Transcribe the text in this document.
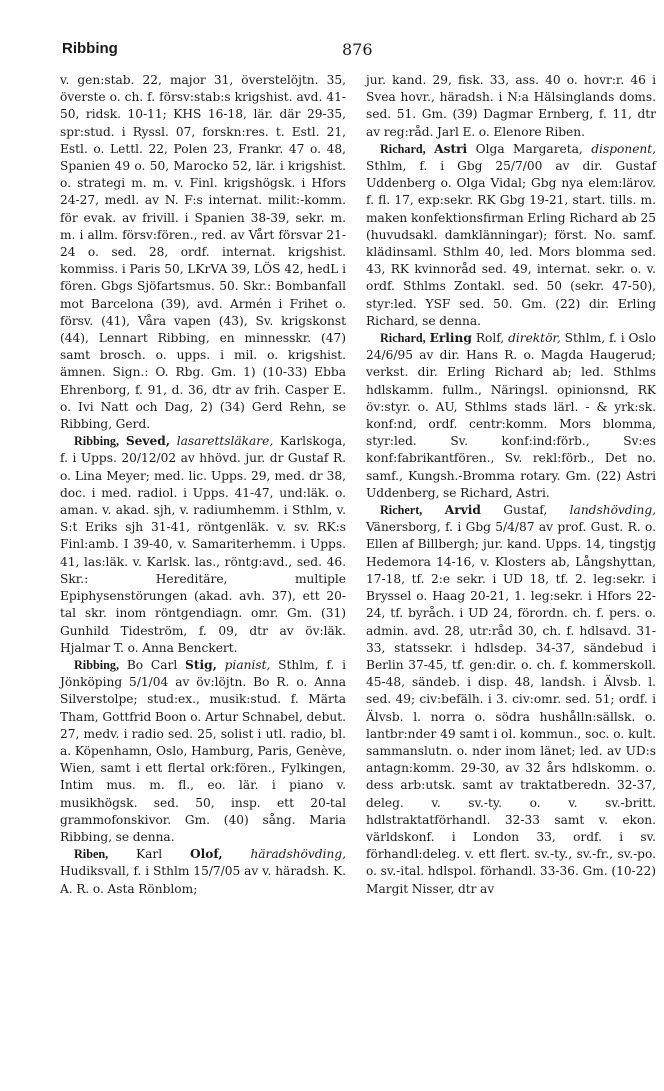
Ribbing	876

v. gen:stab. 22, major 31, överstelöjtn. 35, överste o. ch. f. försv:stab:s krigshist. avd. 41-50, ridsk. 10-11; KHS 16-18, lär. där 29-35, spr:stud. i Ryssl. 07, forskn:res. t. Estl. 21, Estl. o. Lettl. 22, Polen 23, Frankr. 47 o. 48, Spanien 49 o. 50, Marocko 52, lär. i krigshist. o. strategi m. m. v. Finl. krigshögsk. i Hfors 24-27, medl. av N. F:s internat. milit:-komm. för evak. av frivill. i Spanien 38-39, sekr. m. m. i allm. försv:fören., red. av Vårt försvar 21-24 o. sed. 28, ordf. internat. krigshist. kommiss. i Paris 50, LKrVA 39, LÖS 42, hedL i fören. Gbgs Sjöfartsmus. 50. Skr.: Bombanfall mot Barcelona (39), avd. Armén i Frihet o. försv. (41), Våra vapen (43), Sv. krigskonst (44), Lennart Ribbing, en minnesskr. (47) samt brosch. o. upps. i mil. o. krigshist. ämnen. Sign.: O. Rbg. Gm. 1) (10-33) Ebba Ehrenborg, f. 91, d. 36, dtr av frih. Casper E. o. Ivi Natt och Dag, 2) (34) Gerd Rehn, se Ribbing, Gerd.

Ribbing, Seved, lasarettsläkare, Karlskoga, f. i Upps. 20/12/02 av hhövd. jur. dr Gustaf R. o. Lina Meyer; med. lic. Upps. 29, med. dr 38, doc. i med. radiol. i Upps. 41-47, und:läk. o. aman. v. akad. sjh, v. radiumhemm. i Sthlm, v. S:t Eriks sjh 31-41, röntgenläk. v. sv. RK:s Finl:amb. I 39-40, v. Samariterhemm. i Upps. 41, las:läk. v. Karlsk. las., röntg:avd., sed. 46. Skr.: Hereditäre, multiple Epiphysenstörungen (akad. avh. 37), ett 20-tal skr. inom röntgendiagn. omr. Gm. (31) Gunhild Tideström, f. 09, dtr av öv:läk. Hjalmar T. o. Anna Benckert.

Ribbing, Bo Carl Stig, pianist, Sthlm, f. i Jönköping 5/1/04 av öv:löjtn. Bo R. o. Anna Silverstolpe; stud:ex., musik:stud. f. Märta Tham, Gottfrid Boon o. Artur Schnabel, debut. 27, medv. i radio sed. 25, solist i utl. radio, bl. a. Köpenhamn, Oslo, Hamburg, Paris, Genève, Wien, samt i ett flertal ork:fören., Fylkingen, Intim mus. m. fl., eo. lär. i piano v. musikhögsk. sed. 50, insp. ett 20-tal grammofonskivor. Gm. (40) sång. Maria Ribbing, se denna.

Riben, Karl Olof, häradshövding, Hudiksvall, f. i Sthlm 15/7/05 av v. häradsh. K. A. R. o. Asta Rönblom;

jur. kand. 29, fisk. 33, ass. 40 o. hovr:r. 46 i Svea hovr., häradsh. i N:a Hälsinglands doms. sed. 51. Gm. (39) Dagmar Ernberg, f. 11, dtr av reg:råd. Jarl E. o. Elenore Riben.

Richard, Astri Olga Margareta, disponent, Sthlm, f. i Gbg 25/7/00 av dir. Gustaf Uddenberg o. Olga Vidal; Gbg nya elem:lärov. f. fl. 17, exp:sekr. RK Gbg 19-21, start. tills. m. maken konfektionsfirman Erling Richard ab 25 (huvudsakl. damklänningar); först. No. samf. klädinsaml. Sthlm 40, led. Mors blomma sed. 43, RK kvinnoråd sed. 49, internat. sekr. o. v. ordf. Sthlms Zontakl. sed. 50 (sekr. 47-50), styr:led. YSF sed. 50. Gm. (22) dir. Erling Richard, se denna.

Richard, Erling Rolf, direktör, Sthlm, f. i Oslo 24/6/95 av dir. Hans R. o. Magda Haugerud; verkst. dir. Erling Richard ab; led. Sthlms hdlskamm. fullm., Näringsl. opinionsnd, RK öv:styr. o. AU, Sthlms stads lärl. - & yrk:sk. konf:nd, ordf. centr:komm. Mors blomma, styr:led. Sv. konf:ind:förb., Sv:es konf:fabrikantfören., Sv. rekl:förb., Det no. samf., Kungsh.-Bromma rotary. Gm. (22) Astri Uddenberg, se Richard, Astri.

Richert, Arvid Gustaf, landshövding, Vänersborg, f. i Gbg 5/4/87 av prof. Gust. R. o. Ellen af Billbergh; jur. kand. Upps. 14, tingstjg Hedemora 14-16, v. Klosters ab, Långshyttan, 17-18, tf. 2:e sekr. i UD 18, tf. 2. leg:sekr. i Bryssel o. Haag 20-21, 1. leg:sekr. i Hfors 22-24, tf. byråch. i UD 24, förordn. ch. f. pers. o. admin. avd. 28, utr:råd 30, ch. f. hdlsavd. 31-33, statssekr. i hdlsdep. 34-37, sändebud i Berlin 37-45, tf. gen:dir. o. ch. f. kommerskoll. 45-48, sändeb. i disp. 48, landsh. i Älvsb. l. sed. 49; civ:befälh. i 3. civ:omr. sed. 51; ordf. i Älvsb. l. norra o. södra hushålln:sällsk. o. lantbr:nder 49 samt i ol. kommun., soc. o. kult. sammanslutn. o. nder inom länet; led. av UD:s antagn:komm. 29-30, av 32 års hdlskomm. o. dess arb:utsk. samt av traktatberedn. 32-37, deleg. v. sv.-ty. o. v. sv.-britt. hdlstraktatförhandl. 32-33 samt v. ekon. världskonf. i London 33, ordf. i sv. förhandl:deleg. v. ett flert. sv.-ty., sv.-fr., sv.-po. o. sv.-ital. hdlspol. förhandl. 33-36. Gm. (10-22) Margit Nisser, dtr av
